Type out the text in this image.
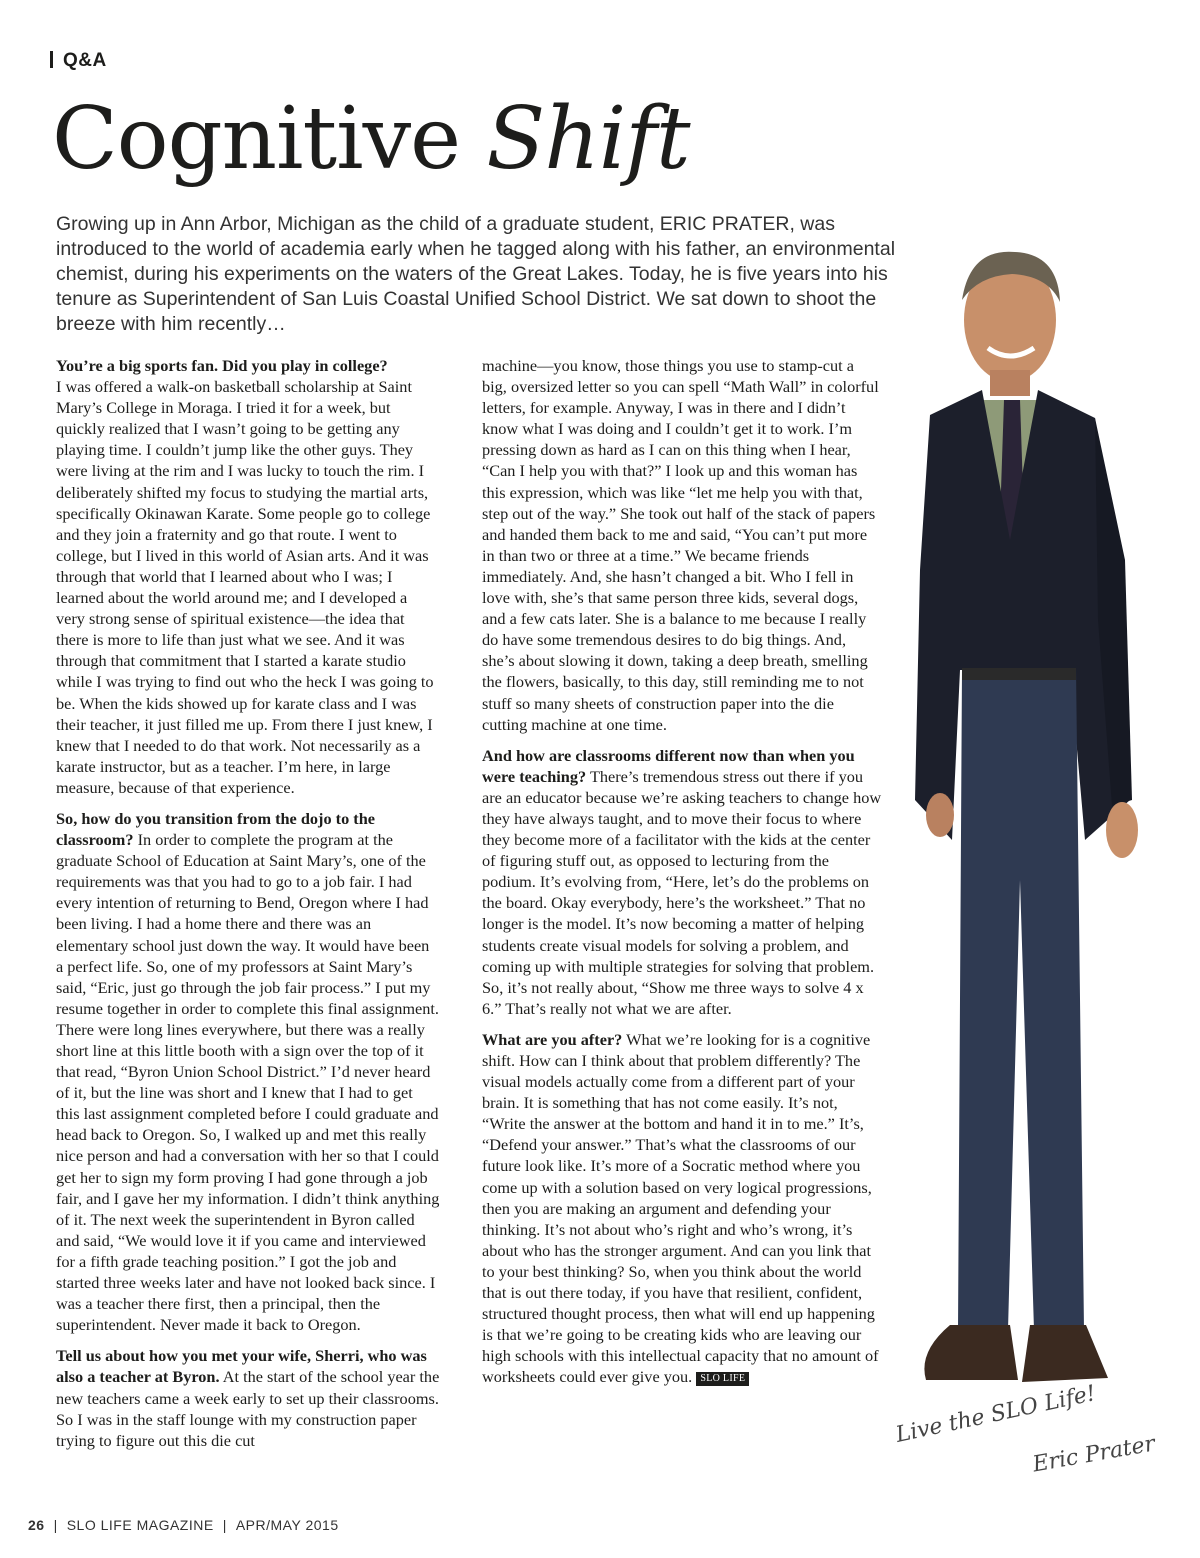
Q&A
Cognitive Shift

Growing up in Ann Arbor, Michigan as the child of a graduate student, ERIC PRATER, was introduced to the world of academia early when he tagged along with his father, an environmental chemist, during his experiments on the waters of the Great Lakes. Today, he is five years into his tenure as Superintendent of San Luis Coastal Unified School District. We sat down to shoot the breeze with him recently…

You’re a big sports fan. Did you play in college?
I was offered a walk-on basketball scholarship at Saint Mary’s College in Moraga. I tried it for a week, but quickly realized that I wasn’t going to be getting any playing time. I couldn’t jump like the other guys. They were living at the rim and I was lucky to touch the rim. I deliberately shifted my focus to studying the martial arts, specifically Okinawan Karate. Some people go to college and they join a fraternity and go that route. I went to college, but I lived in this world of Asian arts. And it was through that world that I learned about who I was; I learned about the world around me; and I developed a very strong sense of spiritual existence—the idea that there is more to life than just what we see. And it was through that commitment that I started a karate studio while I was trying to find out who the heck I was going to be. When the kids showed up for karate class and I was their teacher, it just filled me up. From there I just knew, I knew that I needed to do that work. Not necessarily as a karate instructor, but as a teacher. I’m here, in large measure, because of that experience.

So, how do you transition from the dojo to the classroom? In order to complete the program at the graduate School of Education at Saint Mary’s, one of the requirements was that you had to go to a job fair. I had every intention of returning to Bend, Oregon where I had been living. I had a home there and there was an elementary school just down the way. It would have been a perfect life. So, one of my professors at Saint Mary’s said, “Eric, just go through the job fair process.” I put my resume together in order to complete this final assignment. There were long lines everywhere, but there was a really short line at this little booth with a sign over the top of it that read, “Byron Union School District.” I’d never heard of it, but the line was short and I knew that I had to get this last assignment completed before I could graduate and head back to Oregon. So, I walked up and met this really nice person and had a conversation with her so that I could get her to sign my form proving I had gone through a job fair, and I gave her my information. I didn’t think anything of it. The next week the superintendent in Byron called and said, “We would love it if you came and interviewed for a fifth grade teaching position.” I got the job and started three weeks later and have not looked back since. I was a teacher there first, then a principal, then the superintendent. Never made it back to Oregon.

Tell us about how you met your wife, Sherri, who was also a teacher at Byron. At the start of the school year the new teachers came a week early to set up their classrooms. So I was in the staff lounge with my construction paper trying to figure out this die cut

machine—you know, those things you use to stamp-cut a big, oversized letter so you can spell “Math Wall” in colorful letters, for example. Anyway, I was in there and I didn’t know what I was doing and I couldn’t get it to work. I’m pressing down as hard as I can on this thing when I hear, “Can I help you with that?” I look up and this woman has this expression, which was like “let me help you with that, step out of the way.” She took out half of the stack of papers and handed them back to me and said, “You can’t put more in than two or three at a time.” We became friends immediately. And, she hasn’t changed a bit. Who I fell in love with, she’s that same person three kids, several dogs, and a few cats later. She is a balance to me because I really do have some tremendous desires to do big things. And, she’s about slowing it down, taking a deep breath, smelling the flowers, basically, to this day, still reminding me to not stuff so many sheets of construction paper into the die cutting machine at one time.

And how are classrooms different now than when you were teaching? There’s tremendous stress out there if you are an educator because we’re asking teachers to change how they have always taught, and to move their focus to where they become more of a facilitator with the kids at the center of figuring stuff out, as opposed to lecturing from the podium. It’s evolving from, “Here, let’s do the problems on the board. Okay everybody, here’s the worksheet.” That no longer is the model. It’s now becoming a matter of helping students create visual models for solving a problem, and coming up with multiple strategies for solving that problem. So, it’s not really about, “Show me three ways to solve 4 x 6.” That’s really not what we are after.

What are you after? What we’re looking for is a cognitive shift. How can I think about that problem differently? The visual models actually come from a different part of your brain. It is something that has not come easily. It’s not, “Write the answer at the bottom and hand it in to me.” It’s, “Defend your answer.” That’s what the classrooms of our future look like. It’s more of a Socratic method where you come up with a solution based on very logical progressions, then you are making an argument and defending your thinking. It’s not about who’s right and who’s wrong, it’s about who has the stronger argument. And can you link that to your best thinking? So, when you think about the world that is out there today, if you have that resilient, confident, structured thought process, then what will end up happening is that we’re going to be creating kids who are leaving our high schools with this intellectual capacity that no amount of worksheets could ever give you. SLO LIFE

Live the SLO Life!
Eric Prater
26 | SLO LIFE MAGAZINE | APR/MAY 2015
